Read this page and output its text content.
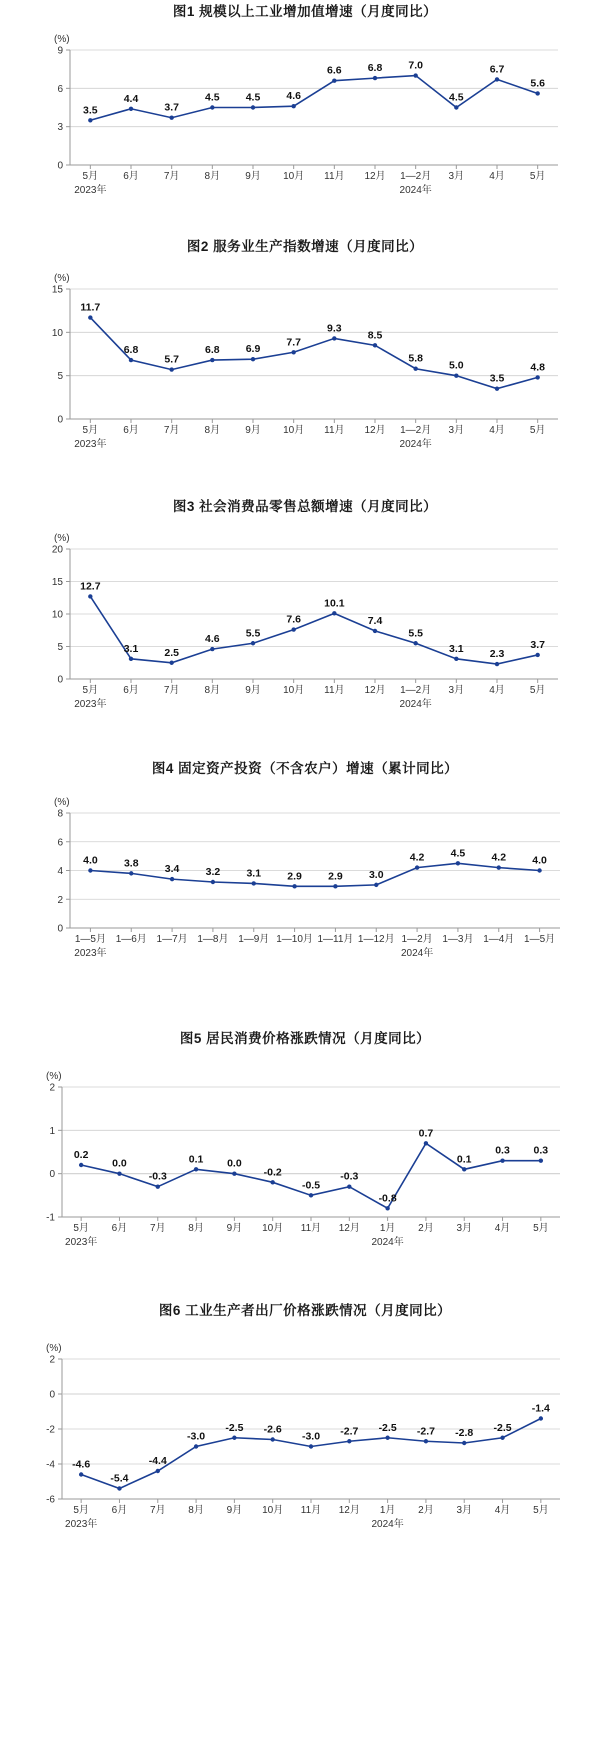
图1 规模以上工业增加值增速（月度同比）
(%)
0
3
6
9
3.5
4.4
3.7
4.5 4.5 4.6
6.6 6.8 7.0
4.5
6.7
5.6
5月	6月	7月	8月	9月 10月 11月 12月 1—2月 3月	4月	5月
2023年	2024年
图2 服务业生产指数增速（月度同比）
(%)
0
5
10
15
11.7
6.8
5.7
6.8 6.9
7.7
9.3
8.5
5.8
5.0
3.5
4.8
5月	6月	7月	8月	9月 10月 11月 12月 1—2月 3月	4月	5月
2023年	2024年
图3 社会消费品零售总额增速（月度同比）
(%)
0
5
10
15
20
12.7
3.1 2.5
4.6 5.5
7.6
10.1
7.4
5.5
3.1 2.3
3.7
5月	6月	7月	8月	9月 10月 11月 12月 1—2月 3月	4月	5月
2023年	2024年
图4 固定资产投资（不含农户）增速（累计同比）
(%)
0
2
4
6
8
4.0 3.8 3.4 3.2 3.1 2.9 2.9 3.0
4.2 4.5 4.2 4.0
1—5月 1—6月 1—7月 1—8月 1—9月 1—10月 1—11月 1—12月 1—2月 1—3月 1—4月 1—5月
2023年	2024年
图5 居民消费价格涨跌情况（月度同比）
(%)
-1
0
1
2
0.2
0.0
-0.3
0.1 0.0
-0.2
-0.5
-0.3
-0.8
0.7
0.1
0.3 0.3
5月 6月 7月 8月 9月 10月 11月 12月 1月 2月 3月 4月 5月
2023年	2024年
图6 工业生产者出厂价格涨跌情况（月度同比）
(%)
-6
-4
-2
0
2
-4.6
-5.4
-4.4
-3.0
-2.5 -2.6
-3.0 -2.7 -2.5 -2.7 -2.8 -2.5
-1.4
5月 6月 7月 8月 9月 10月 11月 12月 1月 2月 3月 4月 5月
2023年	2024年
